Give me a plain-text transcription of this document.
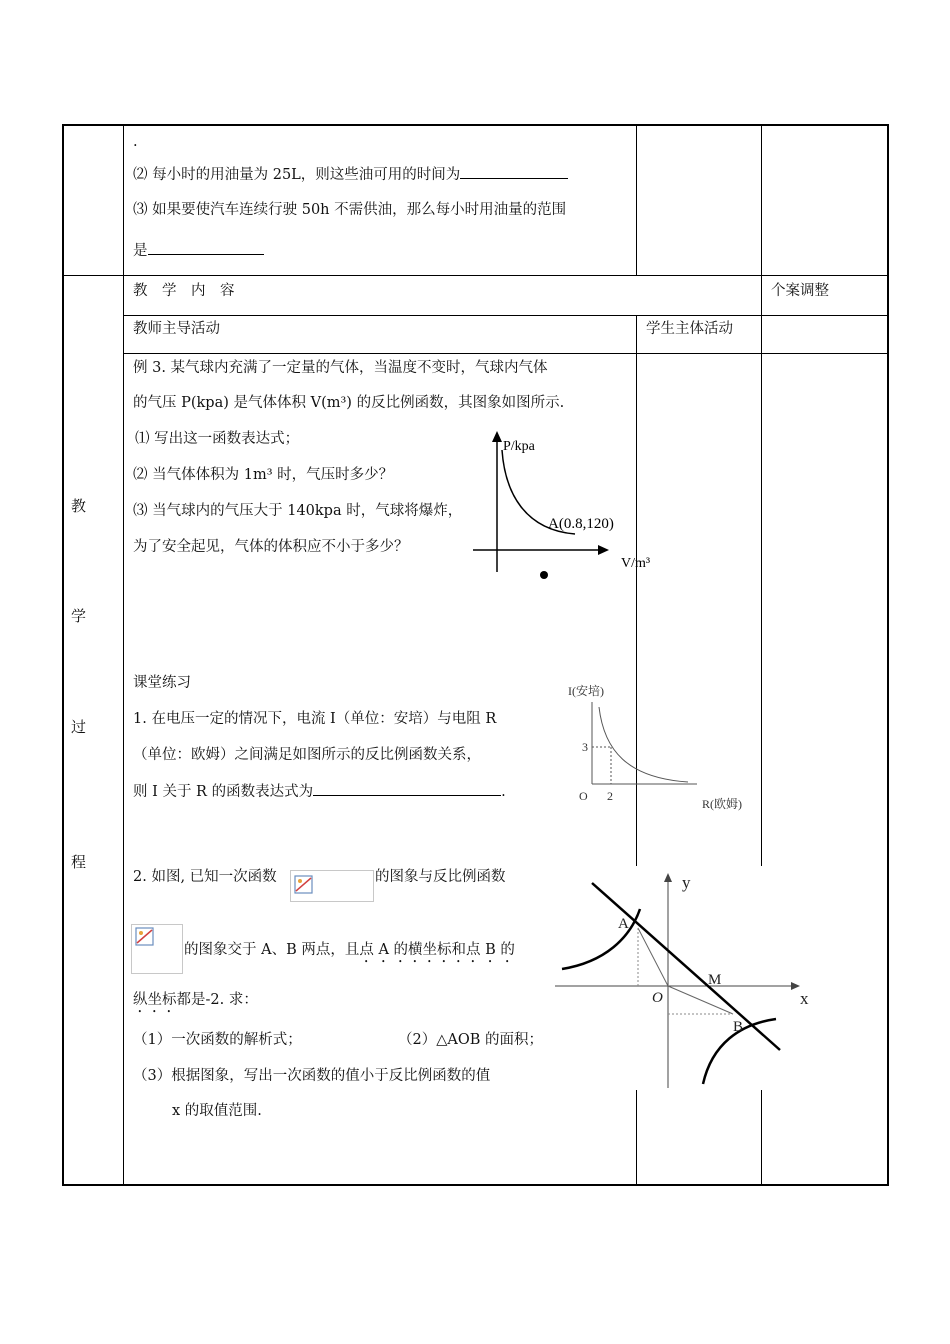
.
⑵ 每小时的用油量为 25L，则这些油可用的时间为
⑶ 如果要使汽车连续行驶 50h 不需供油，那么每小时用油量的范围
是
教　学　内　容	个案调整
教师主导活动	学生主体活动
教
学
过
程
例 3. 某气球内充满了一定量的气体，当温度不变时，气球内气体
的气压 P(kpa) 是气体体积 V(m³) 的反比例函数，其图象如图所示.
⑴ 写出这一函数表达式；
⑵ 当气体体积为 1m³ 时，气压时多少？
⑶ 当气球内的气压大于 140kpa 时，气球将爆炸，
为了安全起见，气体的体积应不小于多少？
P/kpa
A(0.8,120)
V/m³
课堂练习
1. 在电压一定的情况下，电流 I（单位：安培）与电阻 R
（单位：欧姆）之间满足如图所示的反比例函数关系，
则 I 关于 R 的函数表达式为	.
I(安培)
3
O 2
R(欧姆)
2. 如图, 已知一次函数	的图象与反比例函数
的图象交于 A、B 两点，且点 A 的横坐标和点 B 的
纵坐标都是-2. 求：
（1）一次函数的解析式；	（2）△AOB 的面积；
（3）根据图象，写出一次函数的值小于反比例函数的值
x 的取值范围.
y
x
A
M
O
B
